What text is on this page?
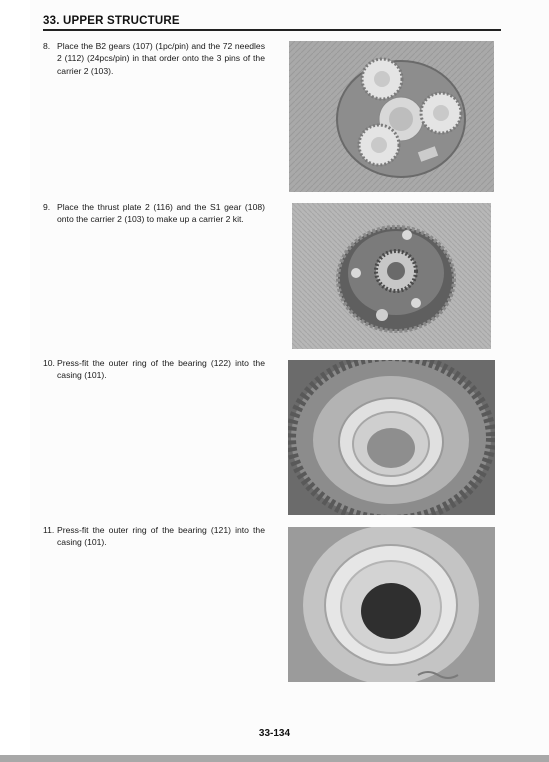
33. UPPER STRUCTURE
8. Place the B2 gears (107) (1pc/pin) and the 72 needles 2 (112) (24pcs/pin) in that order onto the 3 pins of the carrier 2 (103).
9. Place the thrust plate 2 (116) and the S1 gear (108) onto the carrier 2 (103) to make up a carrier 2 kit.
10. Press-fit the outer ring of the bearing (122) into the casing (101).
11. Press-fit the outer ring of the bearing (121) into the casing (101).
33-134
